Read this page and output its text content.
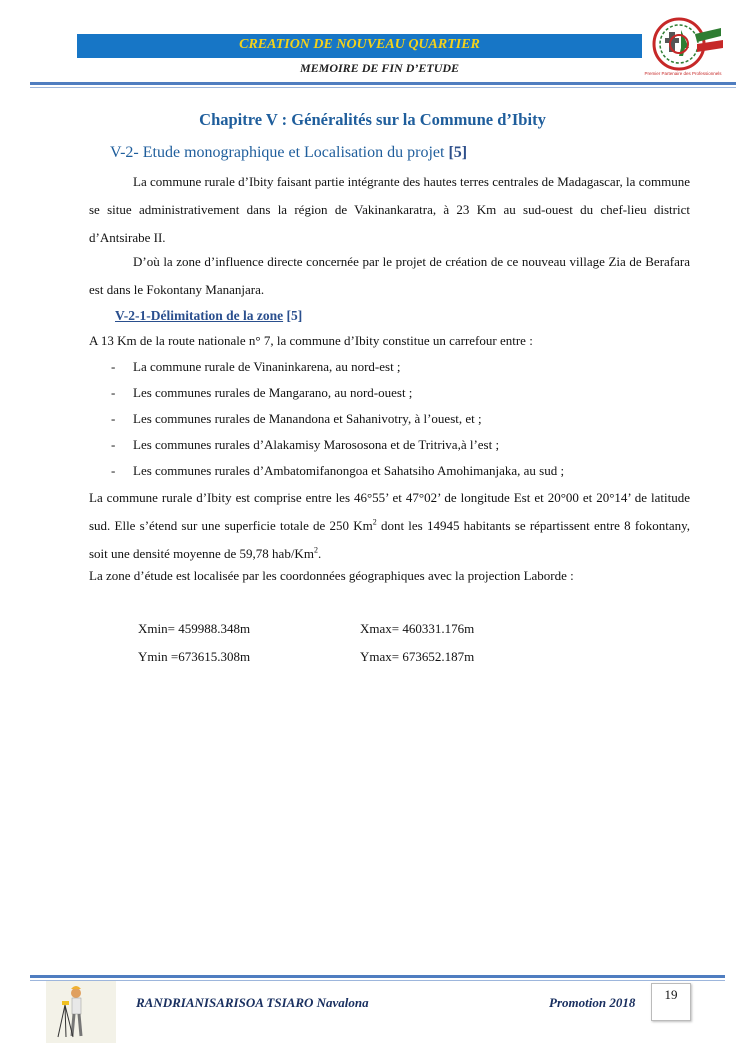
CREATION DE NOUVEAU QUARTIER
MEMOIRE DE FIN D’ETUDE	Premier Partenaire des Professionnels
Chapitre V : Généralités sur la Commune d’Ibity
V-2- Etude monographique et Localisation du projet [5]

La commune rurale d’Ibity faisant partie intégrante des hautes terres centrales de Madagascar, la commune se situe administrativement dans la région de Vakinankaratra, à 23 Km au sud-ouest du chef-lieu district d’Antsirabe II.

D’où la zone d’influence directe concernée par le projet de création de ce nouveau village Zia de Berafara est dans le Fokontany Mananjara.

V-2-1-Délimitation de la zone [5]

A 13 Km de la route nationale n° 7, la commune d’Ibity constitue un carrefour entre :

- La commune rurale de Vinaninkarena, au nord-est ;
- Les communes rurales de Mangarano, au nord-ouest ;
- Les communes rurales de Manandona et Sahanivotry, à l’ouest, et ;
- Les communes rurales d’Alakamisy Marososona et de Tritriva,à l’est ;
- Les communes rurales d’Ambatomifanongoa et Sahatsiho Amohimanjaka, au sud ;

La commune rurale d’Ibity est comprise entre les 46°55’ et 47°02’ de longitude Est et 20°00 et 20°14’ de latitude sud. Elle s’étend sur une superficie totale de 250 Km$^2$ dont les 14945 habitants se répartissent entre 8 fokontany, soit une densité moyenne de 59,78 hab/Km$^2$.

La zone d’étude est localisée par les coordonnées géographiques avec la projection Laborde :

Xmin= 459988.348m	Xmax= 460331.176m
Ymin =673615.308m	Ymax= 673652.187m
RANDRIANISARISOA TSIARO Navalona	Promotion 2018
19
